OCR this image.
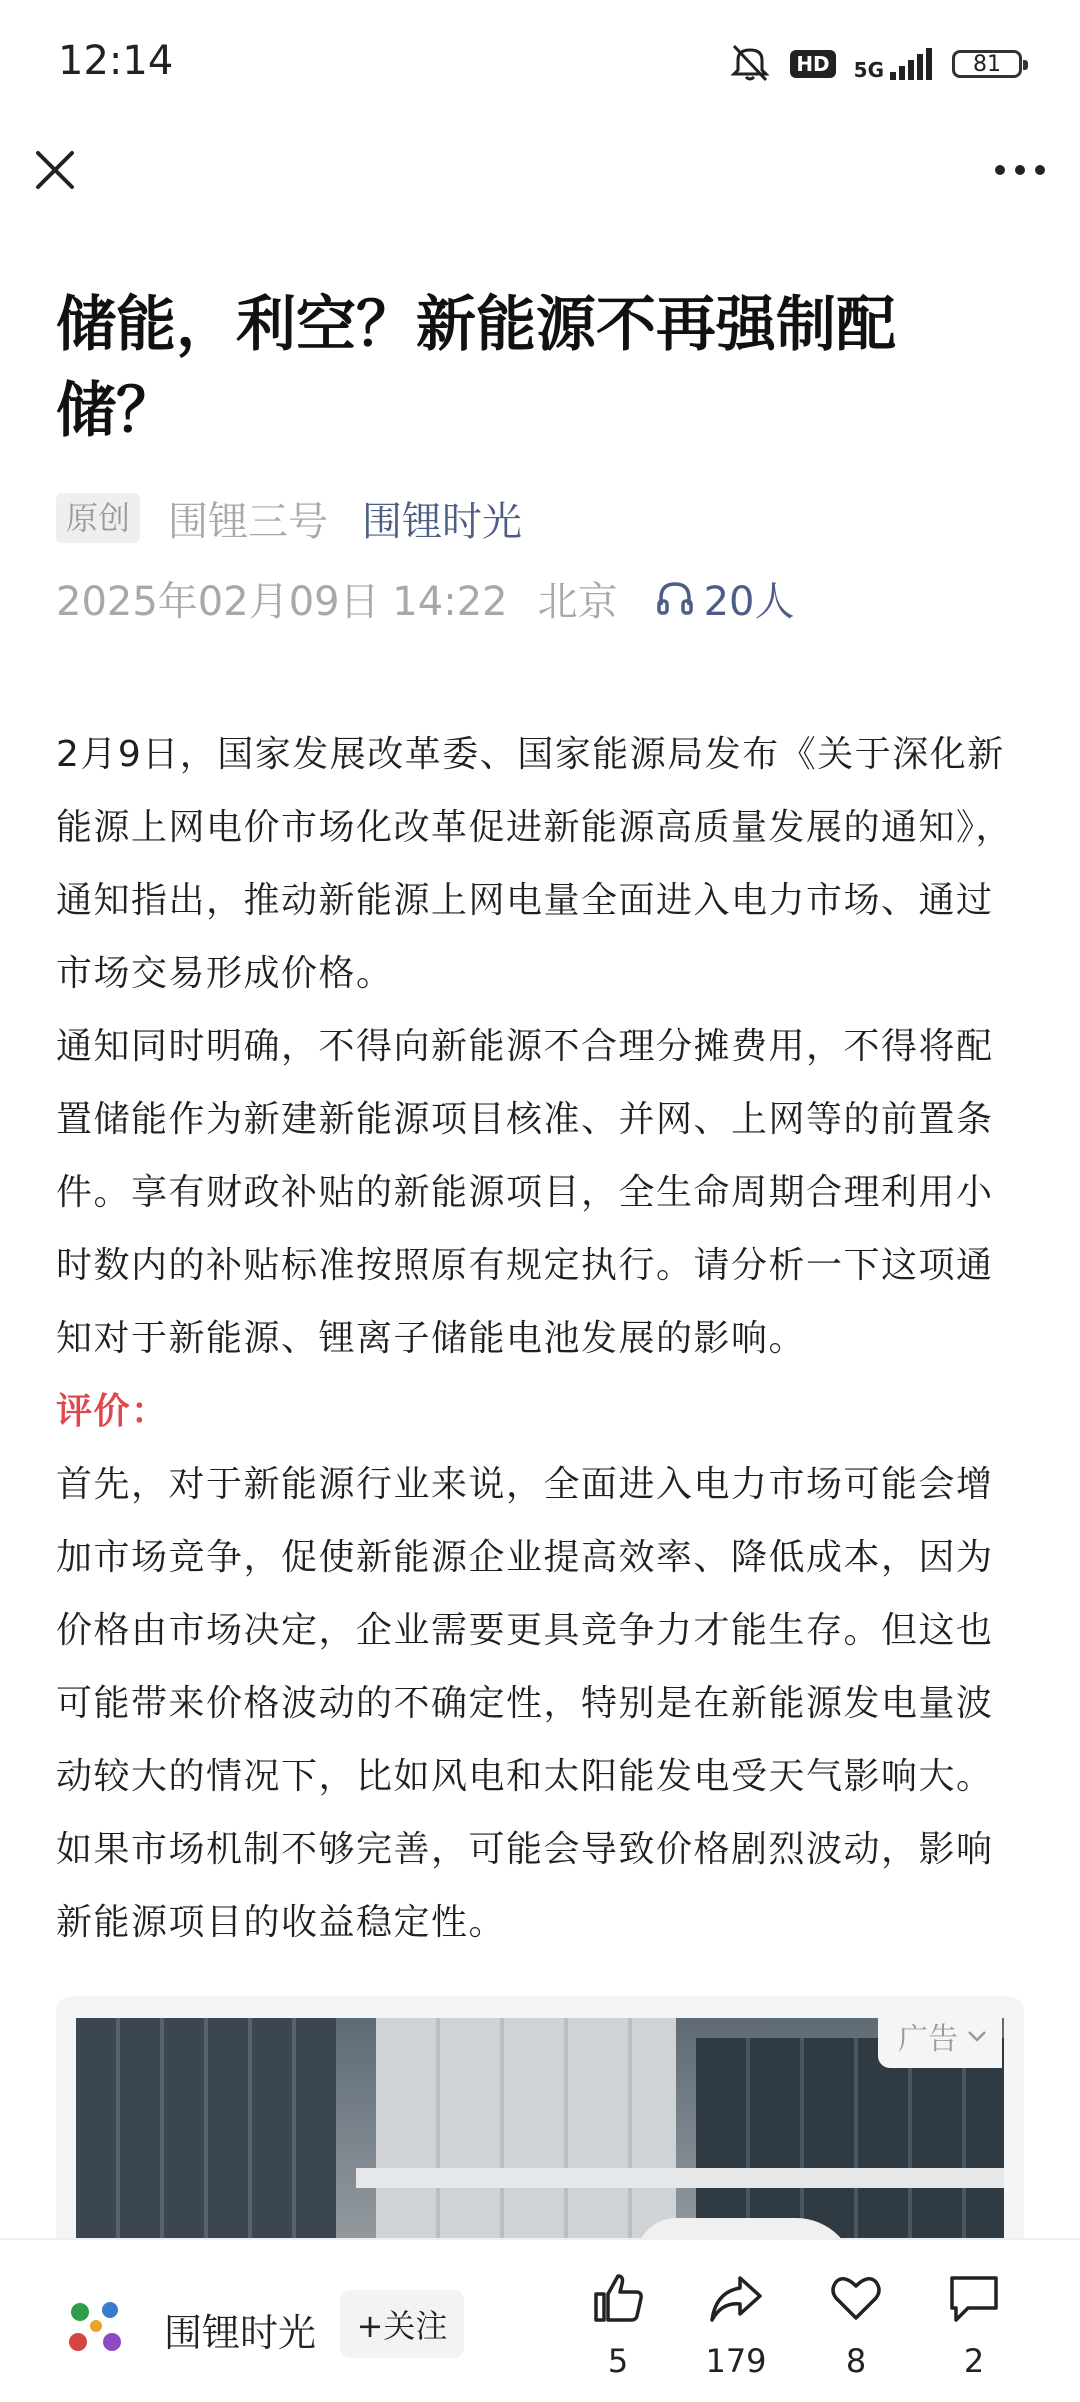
12:14	HD	5G	81
储能，利空？新能源不再强制配储？
原创 围锂三号 围锂时光
2025年02月09日 14:22 北京 20人

2月9日，国家发展改革委、国家能源局发布《关于深化新能源上网电价市场化改革促进新能源高质量发展的通知》，通知指出，推动新能源上网电量全面进入电力市场、通过市场交易形成价格。

通知同时明确，不得向新能源不合理分摊费用，不得将配置储能作为新建新能源项目核准、并网、上网等的前置条件。享有财政补贴的新能源项目，全生命周期合理利用小时数内的补贴标准按照原有规定执行。请分析一下这项通知对于新能源、锂离子储能电池发展的影响。

评价：

首先，对于新能源行业来说，全面进入电力市场可能会增加市场竞争，促使新能源企业提高效率、降低成本，因为价格由市场决定，企业需要更具竞争力才能生存。但这也可能带来价格波动的不确定性，特别是在新能源发电量波动较大的情况下，比如风电和太阳能发电受天气影响大。如果市场机制不够完善，可能会导致价格剧烈波动，影响新能源项目的收益稳定性。

广告
围锂时光	+关注
5 179 8	2
